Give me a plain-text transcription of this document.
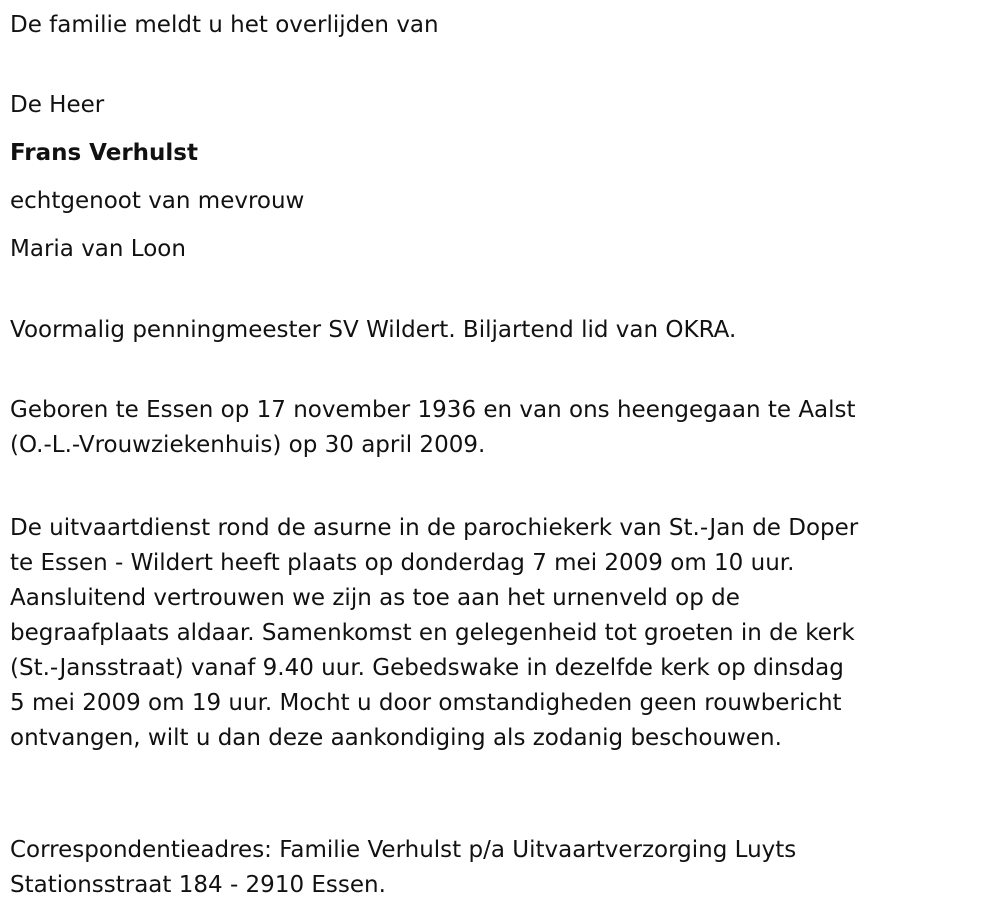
De familie meldt u het overlijden van
De Heer
Frans Verhulst
echtgenoot van mevrouw
Maria van Loon
Voormalig penningmeester SV Wildert. Biljartend lid van OKRA.
Geboren te Essen op 17 november 1936 en van ons heengegaan te Aalst
(O.-L.-Vrouwziekenhuis) op 30 april 2009.
De uitvaartdienst rond de asurne in de parochiekerk van St.-Jan de Doper
te Essen - Wildert heeft plaats op donderdag 7 mei 2009 om 10 uur.
Aansluitend vertrouwen we zijn as toe aan het urnenveld op de
begraafplaats aldaar. Samenkomst en gelegenheid tot groeten in de kerk
(St.-Jansstraat) vanaf 9.40 uur. Gebedswake in dezelfde kerk op dinsdag
5 mei 2009 om 19 uur. Mocht u door omstandigheden geen rouwbericht
ontvangen, wilt u dan deze aankondiging als zodanig beschouwen.
Correspondentieadres: Familie Verhulst p/a Uitvaartverzorging Luyts
Stationsstraat 184 - 2910 Essen.
